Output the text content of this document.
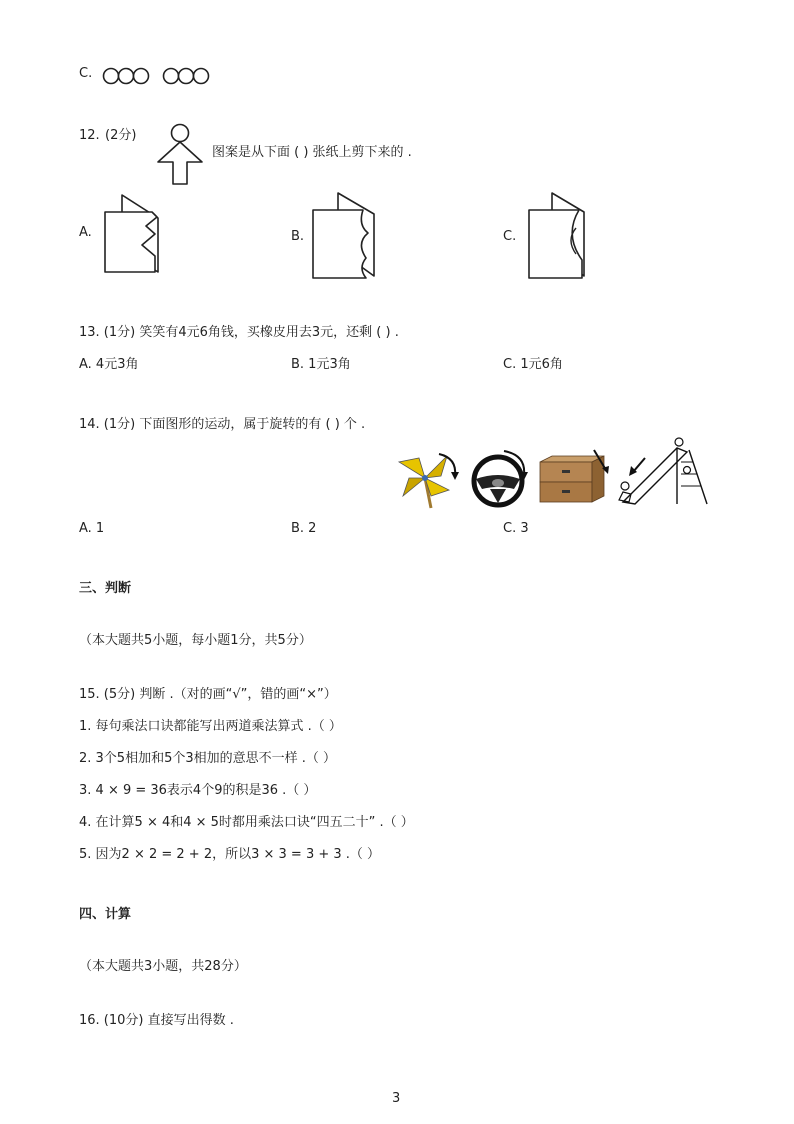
C.
12. (2分)
图案是从下面 ( ) 张纸上剪下来的 .
A.	B.	C.
13. (1分) 笑笑有4元6角钱，买橡皮用去3元，还剩 ( ) .
A. 4元3角	B. 1元3角	C. 1元6角
14. (1分) 下面图形的运动，属于旋转的有 ( ) 个 .
A. 1	B. 2	C. 3
三、判断
（本大题共5小题，每小题1分，共5分）
15. (5分) 判断 .（对的画“√”，错的画“×”）
1. 每句乘法口诀都能写出两道乘法算式 .（ ）
2. 3个5相加和5个3相加的意思不一样 .（ ）
3. 4 × 9 = 36表示4个9的积是36 .（ ）
4. 在计算5 × 4和4 × 5时都用乘法口诀“四五二十” .（ ）
5. 因为2 × 2 = 2 + 2，所以3 × 3 = 3 + 3 .（ ）
四、计算
（本大题共3小题，共28分）
16. (10分) 直接写出得数 .
3
